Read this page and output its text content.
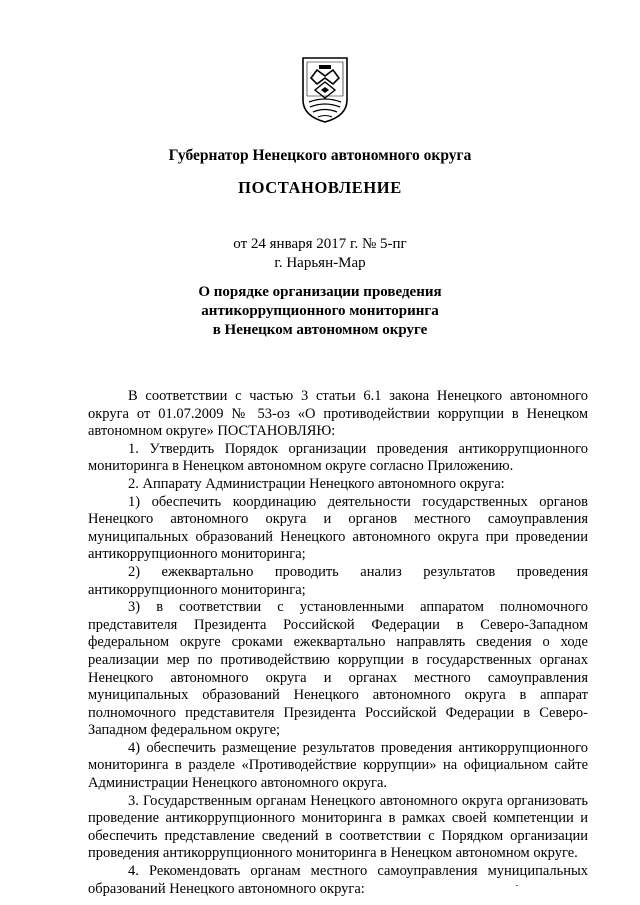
Губернатор Ненецкого автономного округа
ПОСТАНОВЛЕНИЕ
от 24 января 2017 г. № 5-пг
г. Нарьян-Мар
О порядке организации проведения
антикоррупционного мониторинга
в Ненецком автономном округе

В соответствии с частью 3 статьи 6.1 закона Ненецкого автономного округа от 01.07.2009 № 53-оз «О противодействии коррупции в Ненецком автономном округе» ПОСТАНОВЛЯЮ:

1. Утвердить Порядок организации проведения антикоррупционного мониторинга в Ненецком автономном округе согласно Приложению.

2. Аппарату Администрации Ненецкого автономного округа:

1) обеспечить координацию деятельности государственных органов Ненецкого автономного округа и органов местного самоуправления муниципальных образований Ненецкого автономного округа при проведении антикоррупционного мониторинга;

2) ежеквартально проводить анализ результатов проведения антикоррупционного мониторинга;

3) в соответствии с установленными аппаратом полномочного представителя Президента Российской Федерации в Северо-Западном федеральном округе сроками ежеквартально направлять сведения о ходе реализации мер по противодействию коррупции в государственных органах Ненецкого автономного округа и органах местного самоуправления муниципальных образований Ненецкого автономного округа в аппарат полномочного представителя Президента Российской Федерации в Северо-Западном федеральном округе;

4) обеспечить размещение результатов проведения антикоррупционного мониторинга в разделе «Противодействие коррупции» на официальном сайте Администрации Ненецкого автономного округа.

3. Государственным органам Ненецкого автономного округа организовать проведение антикоррупционного мониторинга в рамках своей компетенции и обеспечить представление сведений в соответствии с Порядком организации проведения антикоррупционного мониторинга в Ненецком автономном округе.

4. Рекомендовать органам местного самоуправления муниципальных образований Ненецкого автономного округа:
